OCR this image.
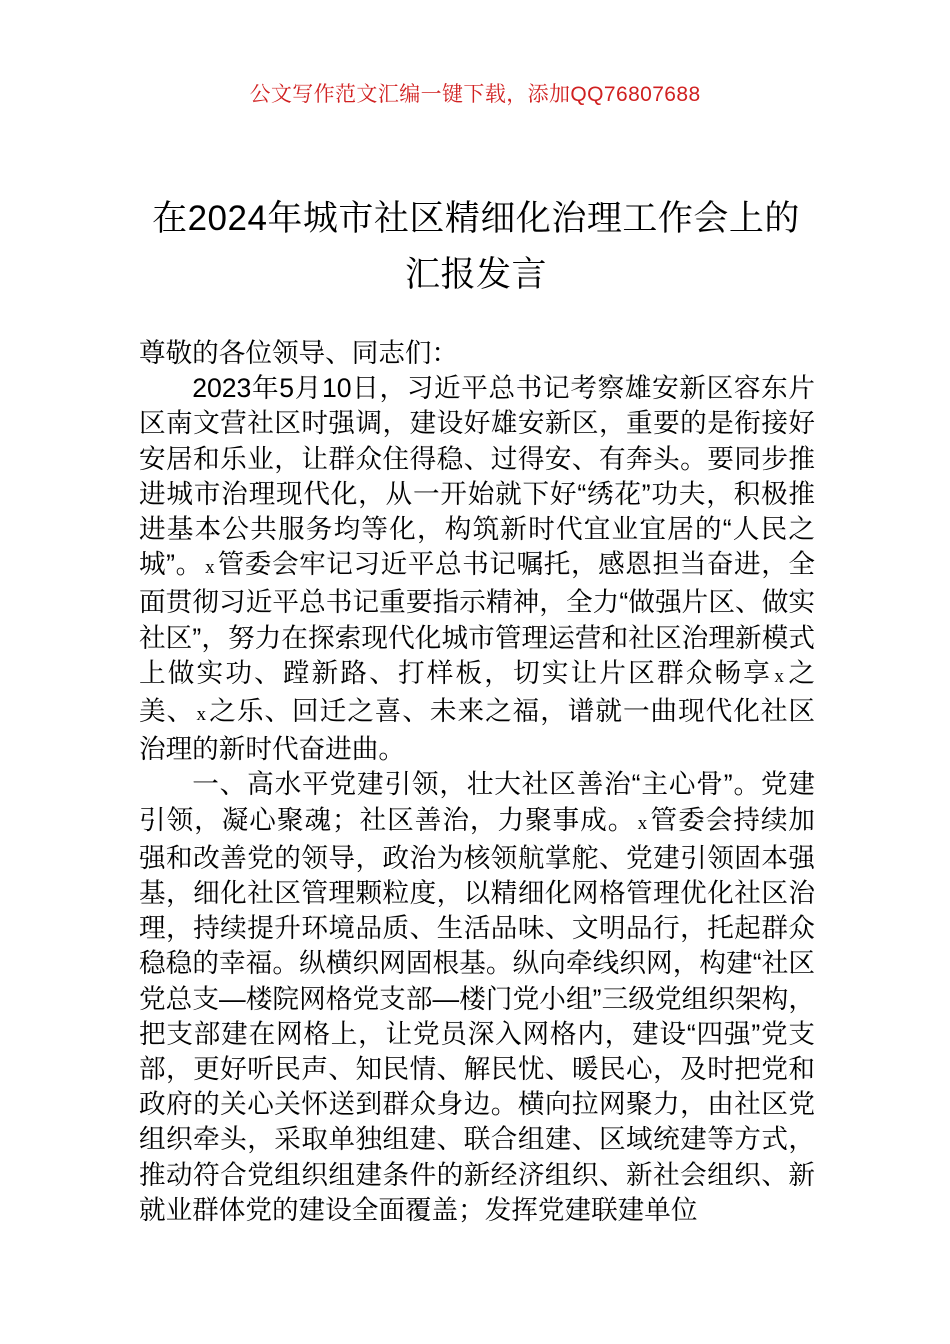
公文写作范文汇编一键下载，添加QQ76807688
在2024年城市社区精细化治理工作会上的汇报发言

尊敬的各位领导、同志们：

2023年5月10日，习近平总书记考察雄安新区容东片区南文营社区时强调，建设好雄安新区，重要的是衔接好安居和乐业，让群众住得稳、过得安、有奔头。要同步推进城市治理现代化，从一开始就下好“绣花”功夫，积极推进基本公共服务均等化，构筑新时代宜业宜居的“人民之城”。 x管委会牢记习近平总书记嘱托，感恩担当奋进，全面贯彻习近平总书记重要指示精神，全力“做强片区、做实社区”，努力在探索现代化城市管理运营和社区治理新模式上做实功、蹚新路、打样板，切实让片区群众畅享 x之美、 x之乐、回迁之喜、未来之福，谱就一曲现代化社区治理的新时代奋进曲。

一、高水平党建引领，壮大社区善治“主心骨”。党建引领，凝心聚魂；社区善治，力聚事成。 x管委会持续加强和改善党的领导，政治为核领航掌舵、党建引领固本强基，细化社区管理颗粒度，以精细化网格管理优化社区治理，持续提升环境品质、生活品味、文明品行，托起群众稳稳的幸福。纵横织网固根基。纵向牵线织网，构建“社区党总支—楼院网格党支部—楼门党小组”三级党组织架构，把支部建在网格上，让党员深入网格内，建设“四强”党支部，更好听民声、知民情、解民忧、暖民心，及时把党和政府的关心关怀送到群众身边。横向拉网聚力，由社区党组织牵头，采取单独组建、联合组建、区域统建等方式，推动符合党组织组建条件的新经济组织、新社会组织、新就业群体党的建设全面覆盖；发挥党建联建单位
